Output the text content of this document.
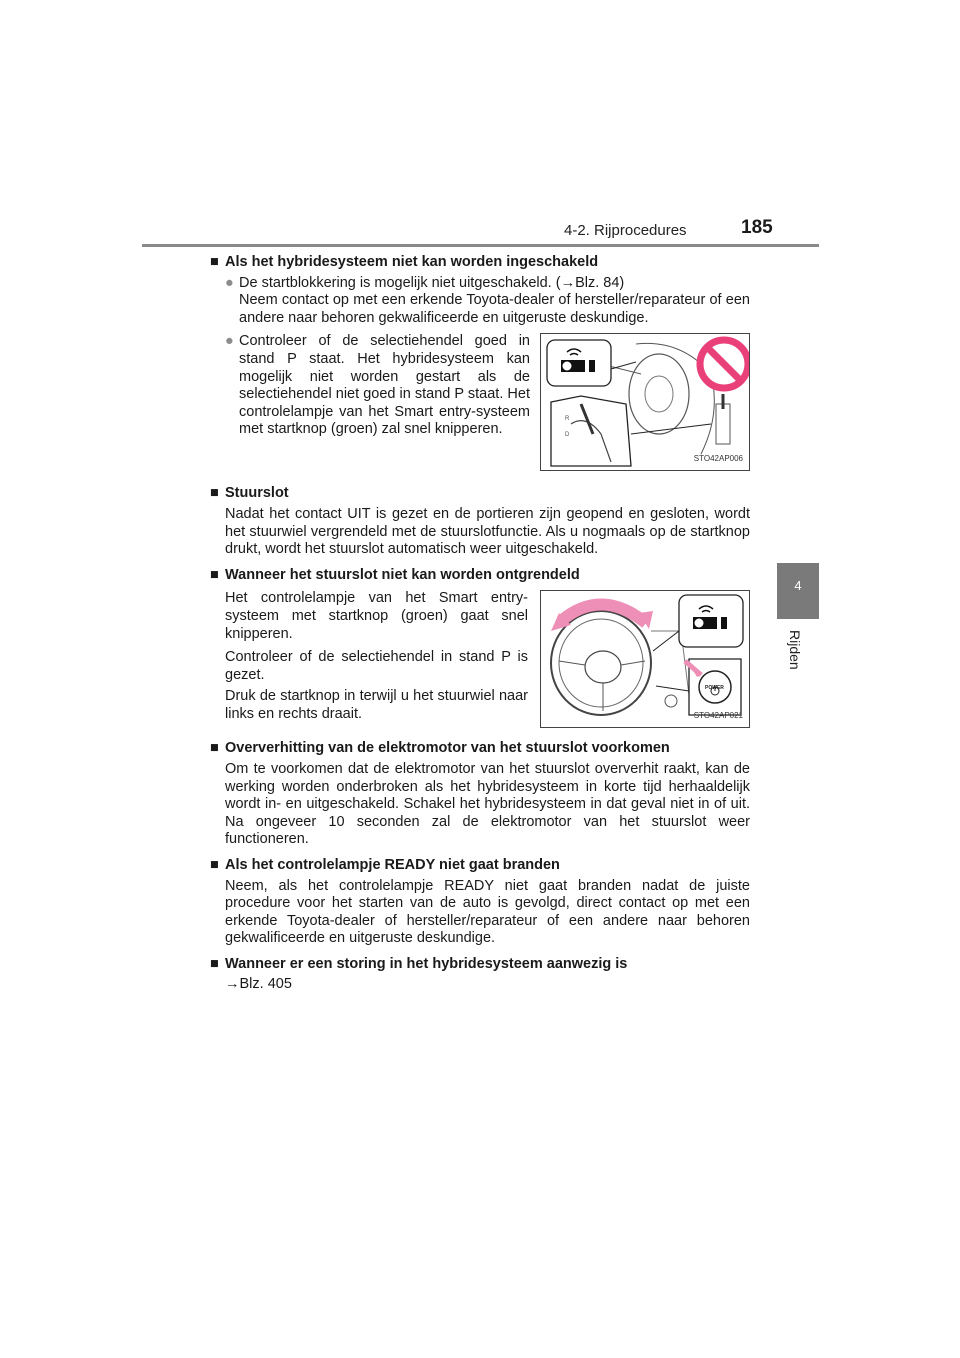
4-2. Rijprocedures	185
4
Rijden
■ Als het hybridesysteem niet kan worden ingeschakeld
● De startblokkering is mogelijk niet uitgeschakeld. (→Blz. 84)
Neem contact op met een erkende Toyota-dealer of hersteller/reparateur of een andere naar behoren gekwalificeerde en uitgeruste deskundige.
● Controleer of de selectiehendel goed in stand P staat. Het hybridesysteem kan mogelijk niet worden gestart als de selectiehendel niet goed in stand P staat. Het controlelampje van het Smart entry-systeem met startknop (groen) zal snel knipperen.
R
D
STO42AP006
■ Stuurslot
Nadat het contact UIT is gezet en de portieren zijn geopend en gesloten, wordt het stuurwiel vergrendeld met de stuurslotfunctie. Als u nogmaals op de startknop drukt, wordt het stuurslot automatisch weer uitgeschakeld.
■ Wanneer het stuurslot niet kan worden ontgrendeld

Het controlelampje van het Smart entry-systeem met startknop (groen) gaat snel knipperen.

Controleer of de selectiehendel in stand P is gezet.

Druk de startknop in terwijl u het stuurwiel naar links en rechts draait.

POWER
STO42AP021
■ Oververhitting van de elektromotor van het stuurslot voorkomen
Om te voorkomen dat de elektromotor van het stuurslot oververhit raakt, kan de werking worden onderbroken als het hybridesysteem in korte tijd herhaaldelijk wordt in- en uitgeschakeld. Schakel het hybridesysteem in dat geval niet in of uit. Na ongeveer 10 seconden zal de elektromotor van het stuurslot weer functioneren.
■ Als het controlelampje READY niet gaat branden
Neem, als het controlelampje READY niet gaat branden nadat de juiste procedure voor het starten van de auto is gevolgd, direct contact op met een erkende Toyota-dealer of hersteller/reparateur of een andere naar behoren gekwalificeerde en uitgeruste deskundige.
■ Wanneer er een storing in het hybridesysteem aanwezig is
→Blz. 405
